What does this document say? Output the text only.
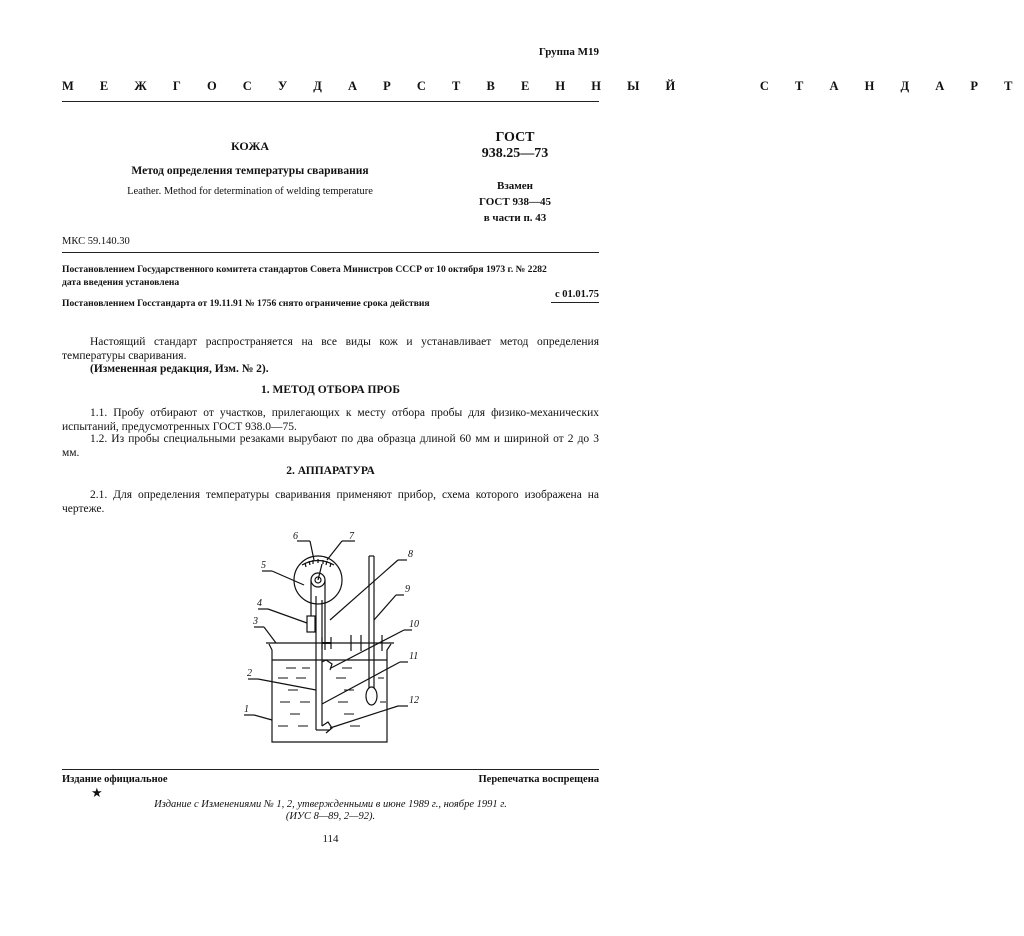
Группа М19
М Е Ж Г О С У Д А Р С Т В Е Н Н Ы Й     С Т А Н Д А Р Т
КОЖА
Метод определения температуры сваривания
Leather. Method for determination of welding temperature
ГОСТ
938.25—73
Взамен
ГОСТ 938—45
в части п. 43
МКС 59.140.30
Постановлением Государственного комитета стандартов Совета Министров СССР от 10 октября 1973 г. № 2282
дата введения установлена
с 01.01.75
Постановлением Госстандарта от 19.11.91 № 1756 снято ограничение срока действия
Настоящий стандарт распространяется на все виды кож и устанавливает метод определения температуры сваривания.
(Измененная редакция, Изм. № 2).
1. МЕТОД ОТБОРА ПРОБ
1.1. Пробу отбирают от участков, прилегающих к месту отбора пробы для физико-механических испытаний, предусмотренных ГОСТ 938.0—75.
1.2. Из пробы специальными резаками вырубают по два образца длиной 60 мм и шириной от 2 до 3 мм.
2. АППАРАТУРА
2.1. Для определения температуры сваривания применяют прибор, схема которого изображена на чертеже.
1
2
3
4
5
6	7
8
9
10
11
12
Издание официальное	Перепечатка воспрещена
★
Издание с Изменениями № 1, 2, утвержденными в июне 1989 г., ноябре 1991 г.
(ИУС 8—89, 2—92).
114
